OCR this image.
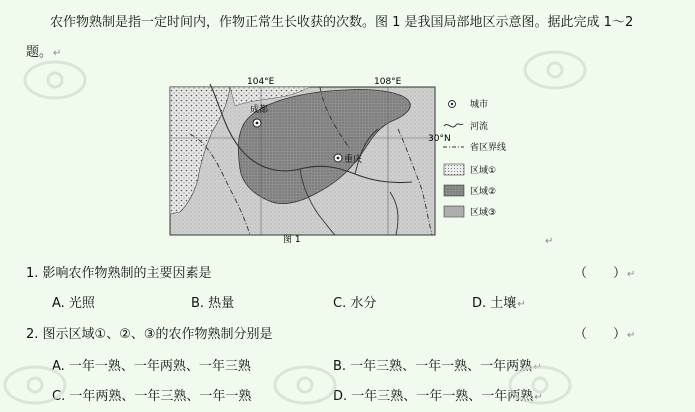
农作物熟制是指一定时间内，作物正常生长收获的次数。图 1 是我国局部地区示意图。据此完成 1～2
题。↵
104°E	108°E
30°N
成都
重庆
图 1
城市
河流
省区界线
区域①
区域②
区域③
↵
1. 影响农作物熟制的主要因素是	（　　）↵
A. 光照	B. 热量	C. 水分	D. 土壤↵
2. 图示区域①、②、③的农作物熟制分别是	（　　）↵
A. 一年一熟、一年两熟、一年三熟	B. 一年三熟、一年一熟、一年两熟↵
C. 一年两熟、一年三熟、一年一熟	D. 一年三熟、一年一熟、一年两熟↵
